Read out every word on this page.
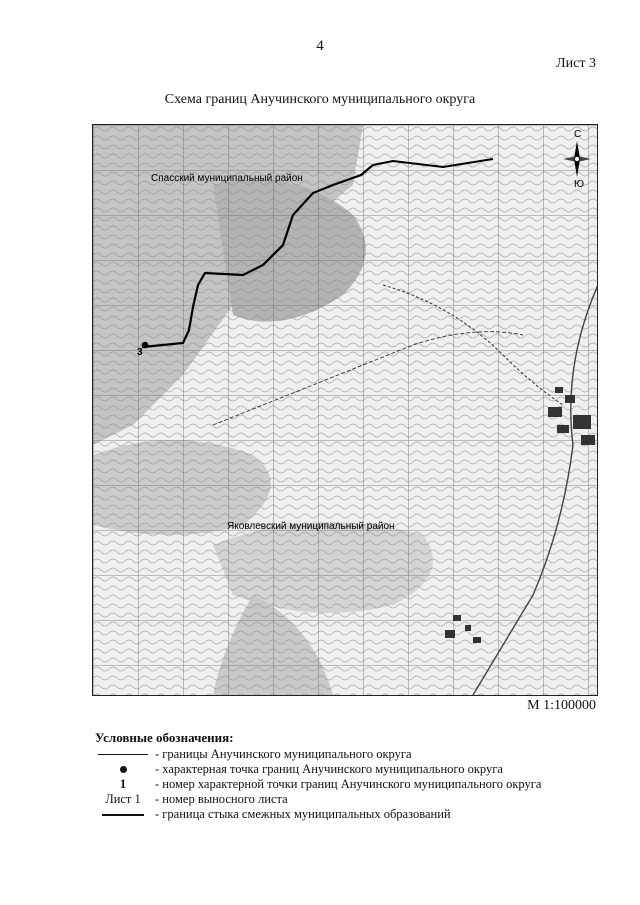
4
Лист 3
Схема границ Анучинского муниципального округа
3
Спасский муниципальный район
Яковлевский муниципальный район
С
Ю
М 1:100000
Условные обозначения:
- границы Анучинского муниципального округа
- характерная точка границ Анучинского муниципального округа
1 - номер характерной точки границ Анучинского муниципального округа
Лист 1 - номер выносного листа
- граница стыка смежных муниципальных образований
